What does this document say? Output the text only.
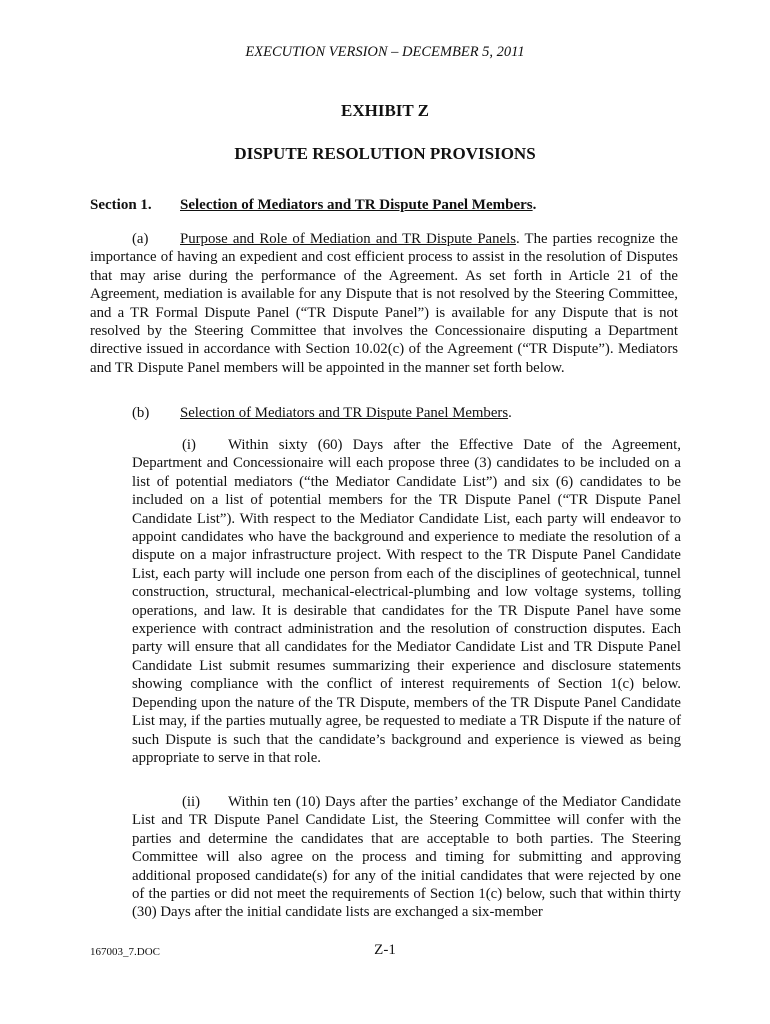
EXECUTION VERSION – DECEMBER 5, 2011
EXHIBIT Z
DISPUTE RESOLUTION PROVISIONS
Section 1. Selection of Mediators and TR Dispute Panel Members.
(a) Purpose and Role of Mediation and TR Dispute Panels. The parties recognize the importance of having an expedient and cost efficient process to assist in the resolution of Disputes that may arise during the performance of the Agreement. As set forth in Article 21 of the Agreement, mediation is available for any Dispute that is not resolved by the Steering Committee, and a TR Formal Dispute Panel (“TR Dispute Panel”) is available for any Dispute that is not resolved by the Steering Committee that involves the Concessionaire disputing a Department directive issued in accordance with Section 10.02(c) of the Agreement (“TR Dispute”). Mediators and TR Dispute Panel members will be appointed in the manner set forth below.
(b) Selection of Mediators and TR Dispute Panel Members.
(i) Within sixty (60) Days after the Effective Date of the Agreement, Department and Concessionaire will each propose three (3) candidates to be included on a list of potential mediators (“the Mediator Candidate List”) and six (6) candidates to be included on a list of potential members for the TR Dispute Panel (“TR Dispute Panel Candidate List”). With respect to the Mediator Candidate List, each party will endeavor to appoint candidates who have the background and experience to mediate the resolution of a dispute on a major infrastructure project. With respect to the TR Dispute Panel Candidate List, each party will include one person from each of the disciplines of geotechnical, tunnel construction, structural, mechanical-electrical-plumbing and low voltage systems, tolling operations, and law. It is desirable that candidates for the TR Dispute Panel have some experience with contract administration and the resolution of construction disputes. Each party will ensure that all candidates for the Mediator Candidate List and TR Dispute Panel Candidate List submit resumes summarizing their experience and disclosure statements showing compliance with the conflict of interest requirements of Section 1(c) below. Depending upon the nature of the TR Dispute, members of the TR Dispute Panel Candidate List may, if the parties mutually agree, be requested to mediate a TR Dispute if the nature of such Dispute is such that the candidate’s background and experience is viewed as being appropriate to serve in that role.
(ii) Within ten (10) Days after the parties’ exchange of the Mediator Candidate List and TR Dispute Panel Candidate List, the Steering Committee will confer with the parties and determine the candidates that are acceptable to both parties. The Steering Committee will also agree on the process and timing for submitting and approving additional proposed candidate(s) for any of the initial candidates that were rejected by one of the parties or did not meet the requirements of Section 1(c) below, such that within thirty (30) Days after the initial candidate lists are exchanged a six-member
167003_7.DOC	Z-1
